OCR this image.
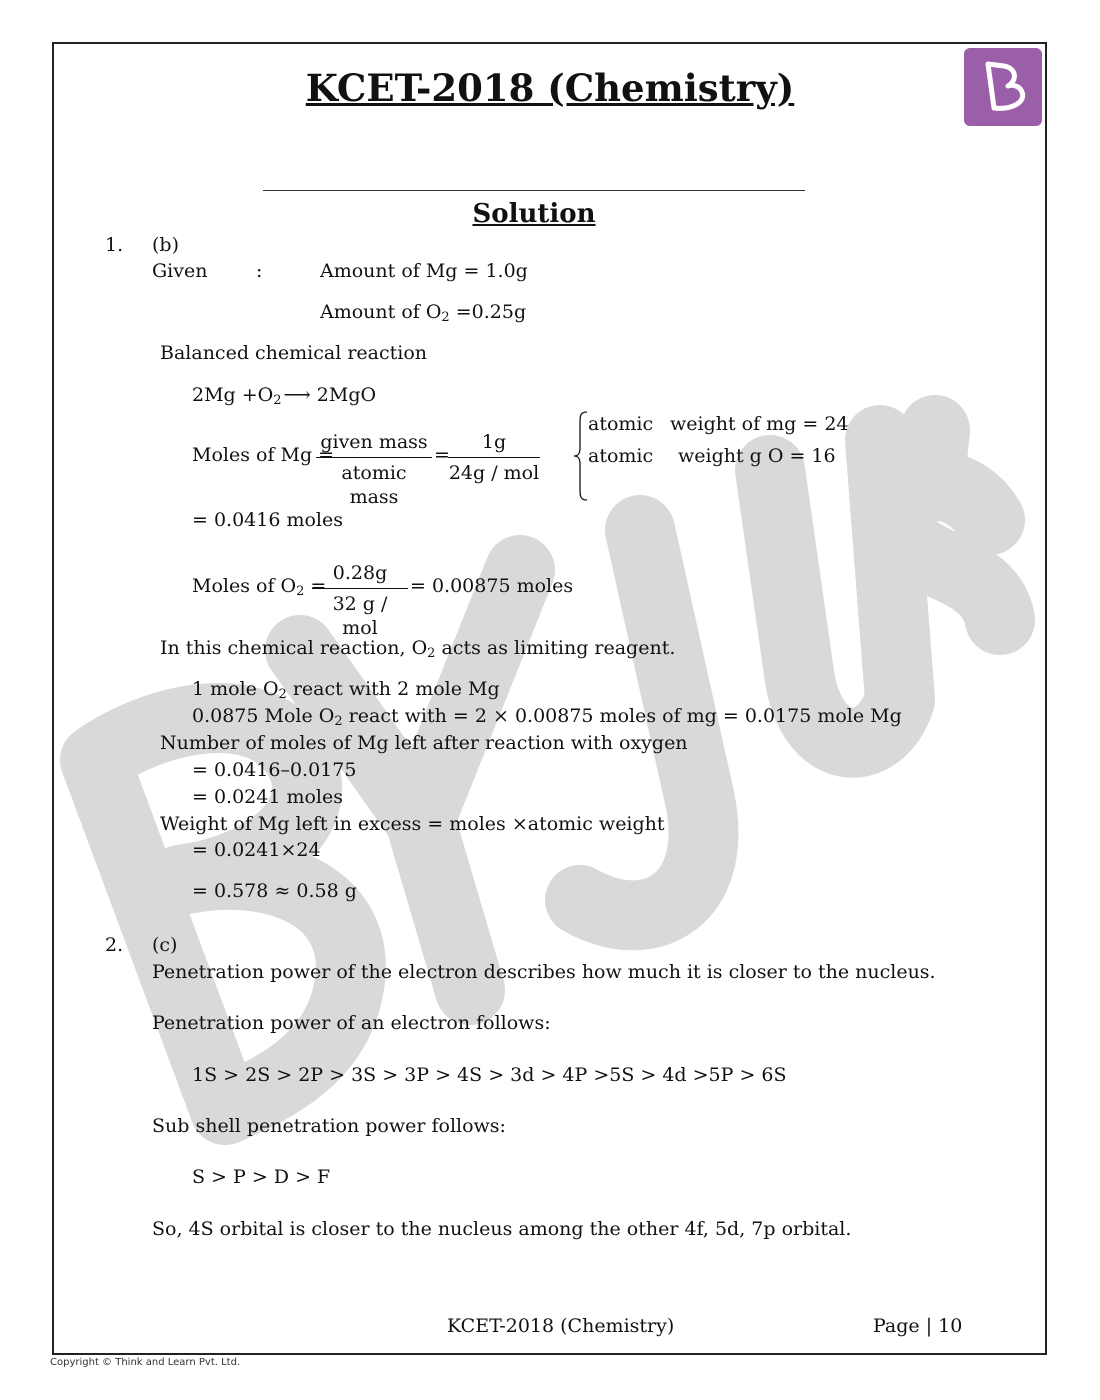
KCET-2018 (Chemistry)
Solution
1. (b)
Given	:	Amount of Mg = 1.0g
Amount of O2 =0.25g
Balanced chemical reaction
2Mg +O2 ⟶ 2MgO
Moles of Mg =
given mass
atomic mass
=
1g
24g / mol
atomic weight of mg = 24
atomic weight g O = 16
= 0.0416 moles
Moles of O2 =
0.28g
32 g / mol
= 0.00875 moles
In this chemical reaction, O2 acts as limiting reagent.
1 mole O2 react with 2 mole Mg
0.0875 Mole O2 react with = 2 × 0.00875 moles of mg = 0.0175 mole Mg
Number of moles of Mg left after reaction with oxygen
= 0.0416–0.0175
= 0.0241 moles
Weight of Mg left in excess = moles ×atomic weight
= 0.0241×24
= 0.578 ≈ 0.58 g
2. (c)
Penetration power of the electron describes how much it is closer to the nucleus.
Penetration power of an electron follows:
1S > 2S > 2P > 3S > 3P > 4S > 3d > 4P >5S > 4d >5P > 6S
Sub shell penetration power follows:
S > P > D > F
So, 4S orbital is closer to the nucleus among the other 4f, 5d, 7p orbital.
KCET-2018 (Chemistry)	Page | 10
Copyright © Think and Learn Pvt. Ltd.
